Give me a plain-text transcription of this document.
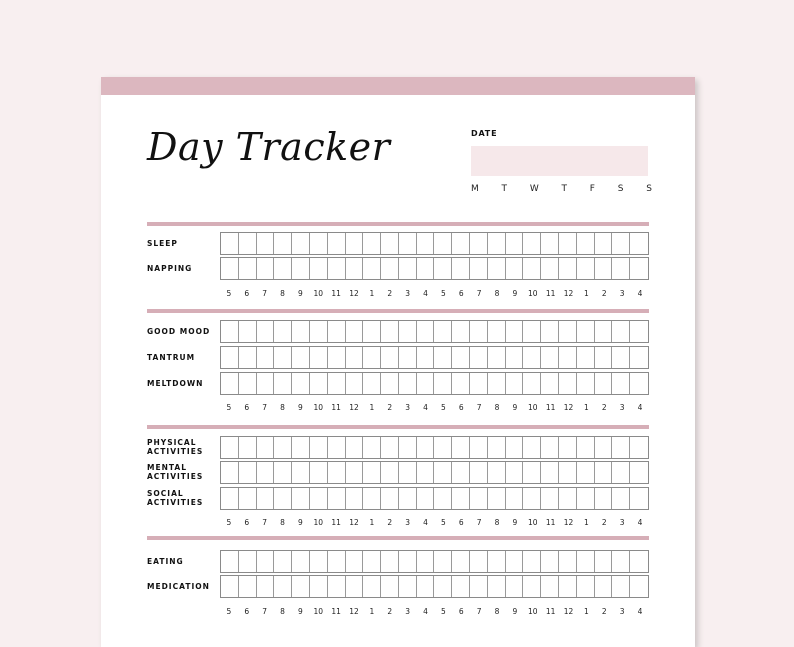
Day Tracker	DATE
M	T	W	T	F	S	S
SLEEP
NAPPING
5	6	7	8	9	10	11	12	1	2	3	4	5	6	7	8	9	10	11	12	1	2	3	4
GOOD MOOD
TANTRUM
MELTDOWN
5	6	7	8	9	10	11	12	1	2	3	4	5	6	7	8	9	10	11	12	1	2	3	4
PHYSICAL
ACTIVITIES
MENTAL
ACTIVITIES
SOCIAL
ACTIVITIES
5	6	7	8	9	10	11	12	1	2	3	4	5	6	7	8	9	10	11	12	1	2	3	4
EATING
MEDICATION
5	6	7	8	9	10	11	12	1	2	3	4	5	6	7	8	9	10	11	12	1	2	3	4
